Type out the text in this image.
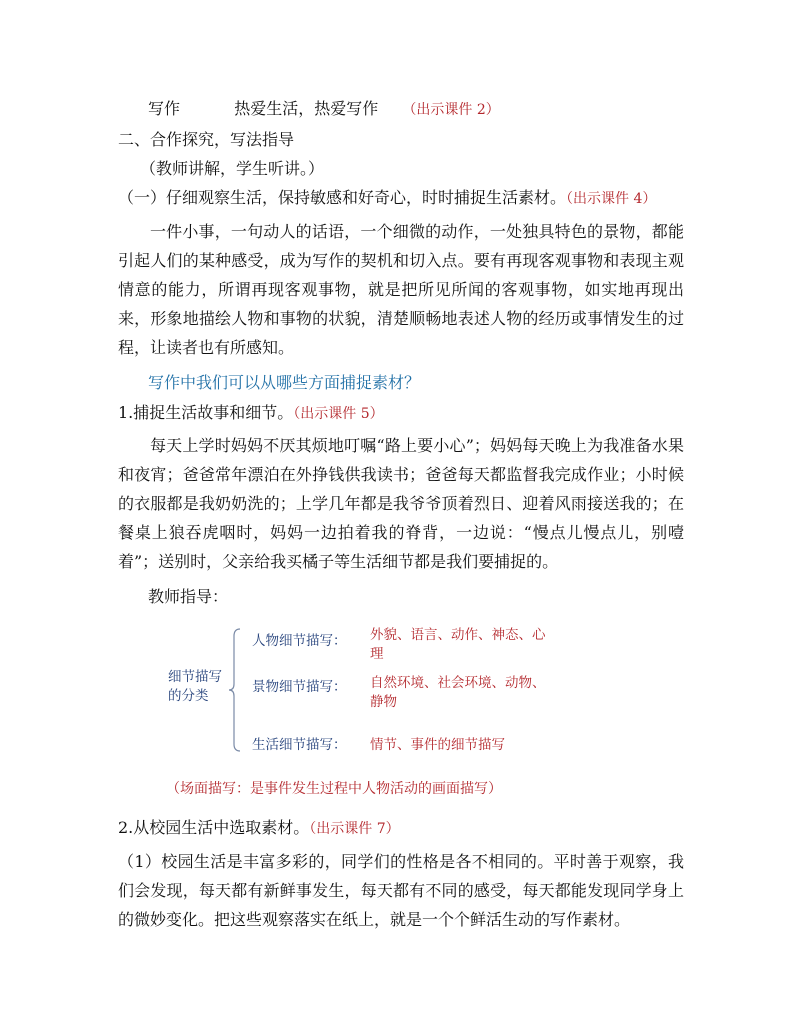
写作	热爱生活，热爱写作 （出示课件 2）
二、合作探究，写法指导
（教师讲解，学生听讲。）
（一）仔细观察生活，保持敏感和好奇心，时时捕捉生活素材。（出示课件 4）

一件小事，一句动人的话语，一个细微的动作，一处独具特色的景物，都能引起人们的某种感受，成为写作的契机和切入点。要有再现客观事物和表现主观情意的能力，所谓再现客观事物，就是把所见所闻的客观事物，如实地再现出来，形象地描绘人物和事物的状貌，清楚顺畅地表述人物的经历或事情发生的过程，让读者也有所感知。

写作中我们可以从哪些方面捕捉素材？
1.捕捉生活故事和细节。（出示课件 5）

每天上学时妈妈不厌其烦地叮嘱“路上要小心”；妈妈每天晚上为我准备水果和夜宵；爸爸常年漂泊在外挣钱供我读书；爸爸每天都监督我完成作业；小时候的衣服都是我奶奶洗的；上学几年都是我爷爷顶着烈日、迎着风雨接送我的；在餐桌上狼吞虎咽时，妈妈一边拍着我的脊背，一边说：“慢点儿慢点儿，别噎着”；送别时，父亲给我买橘子等生活细节都是我们要捕捉的。

教师指导：
细节描写
的分类
人物细节描写： 外貌、语言、动作、神态、心
理
景物细节描写： 自然环境、社会环境、动物、
静物
生活细节描写： 情节、事件的细节描写
（场面描写：是事件发生过程中人物活动的画面描写）
2.从校园生活中选取素材。（出示课件 7）

（1）校园生活是丰富多彩的，同学们的性格是各不相同的。平时善于观察，我们会发现，每天都有新鲜事发生，每天都有不同的感受，每天都能发现同学身上的微妙变化。把这些观察落实在纸上，就是一个个鲜活生动的写作素材。
